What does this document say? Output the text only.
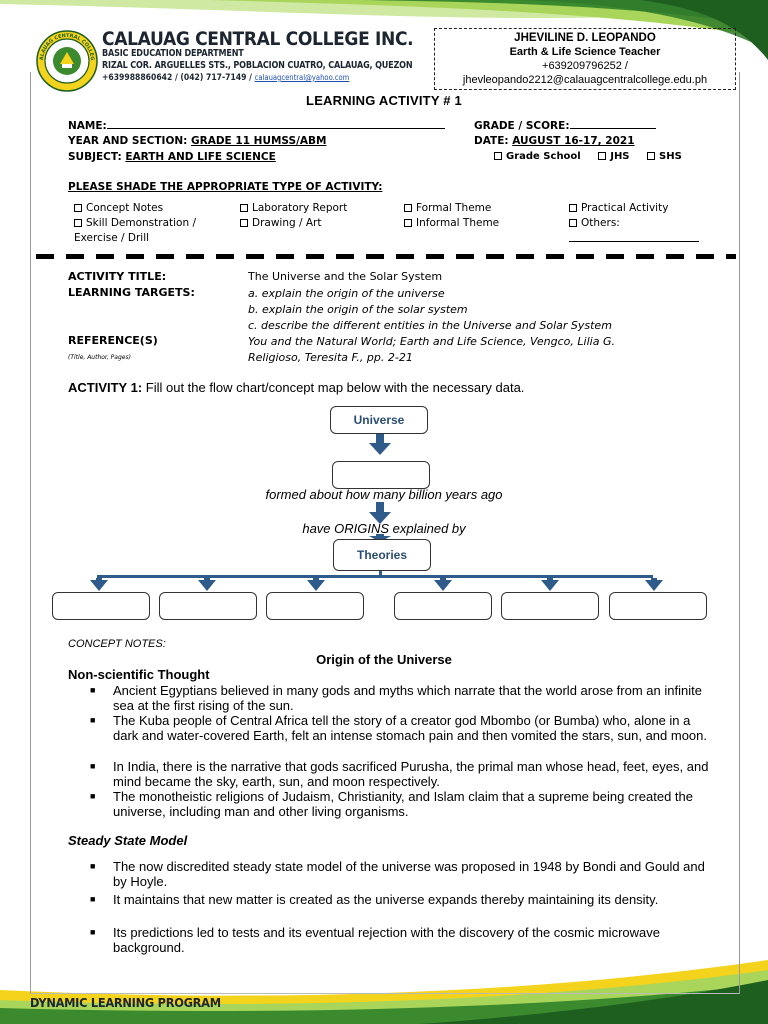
ALAUAG CENTRAL COLLEG
CALAUAG CENTRAL COLLEGE INC.
BASIC EDUCATION DEPARTMENT
RIZAL COR. ARGUELLES STS., POBLACION CUATRO, CALAUAG, QUEZON
+639988860642 / (042) 717-7149 / calauagcentral@yahoo.com
JHEVILINE D. LEOPANDO
Earth & Life Science Teacher
+639209796252 /
jhevleopando2212@calauagcentralcollege.edu.ph
LEARNING ACTIVITY # 1
NAME:	GRADE / SCORE:
YEAR AND SECTION: GRADE 11 HUMSS/ABM	DATE: AUGUST 16-17, 2021
SUBJECT: EARTH AND LIFE SCIENCE	Grade School	JHS	SHS
PLEASE SHADE THE APPROPRIATE TYPE OF ACTIVITY:
Concept Notes
Skill Demonstration /
Exercise / Drill
Laboratory Report
Drawing / Art
Formal Theme
Informal Theme
Practical Activity
Others:
ACTIVITY TITLE:	The Universe and the Solar System
LEARNING TARGETS:	a. explain the origin of the universe
b. explain the origin of the solar system
c. describe the different entities in the Universe and Solar System
REFERENCE(S)
(Title, Author, Pages)
You and the Natural World; Earth and Life Science, Vengco, Lilia G.
Religioso, Teresita F., pp. 2-21
ACTIVITY 1: Fill out the flow chart/concept map below with the necessary data.
Universe
formed about how many billion years ago
have ORIGINS explained by
Theories
CONCEPT NOTES:
Origin of the Universe
Non-scientific Thought
■ Ancient Egyptians believed in many gods and myths which narrate that the world arose from an infinite sea at the first rising of the sun.
■ The Kuba people of Central Africa tell the story of a creator god Mbombo (or Bumba) who, alone in a dark and water-covered Earth, felt an intense stomach pain and then vomited the stars, sun, and moon.
■ In India, there is the narrative that gods sacrificed Purusha, the primal man whose head, feet, eyes, and mind became the sky, earth, sun, and moon respectively.
■ The monotheistic religions of Judaism, Christianity, and Islam claim that a supreme being created the universe, including man and other living organisms.
Steady State Model
■ The now discredited steady state model of the universe was proposed in 1948 by Bondi and Gould and by Hoyle.
■ It maintains that new matter is created as the universe expands thereby maintaining its density.
■ Its predictions led to tests and its eventual rejection with the discovery of the cosmic microwave background.
DYNAMIC LEARNING PROGRAM
